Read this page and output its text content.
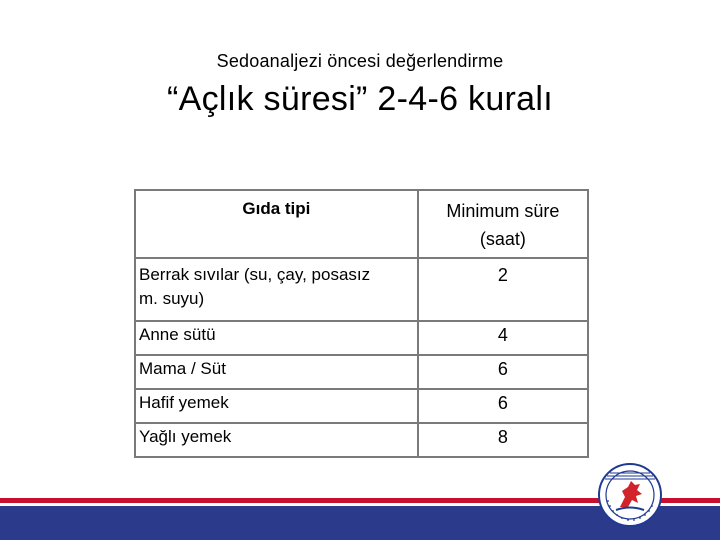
Sedoanaljezi öncesi değerlendirme
“Açlık süresi” 2-4-6 kuralı
Gıda tipi	Minimum süre
(saat)

Berrak sıvılar (su, çay, posasız
m. suyu)	2
Anne sütü	4
Mama / Süt	6
Hafif yemek	6
Yağlı yemek	8
